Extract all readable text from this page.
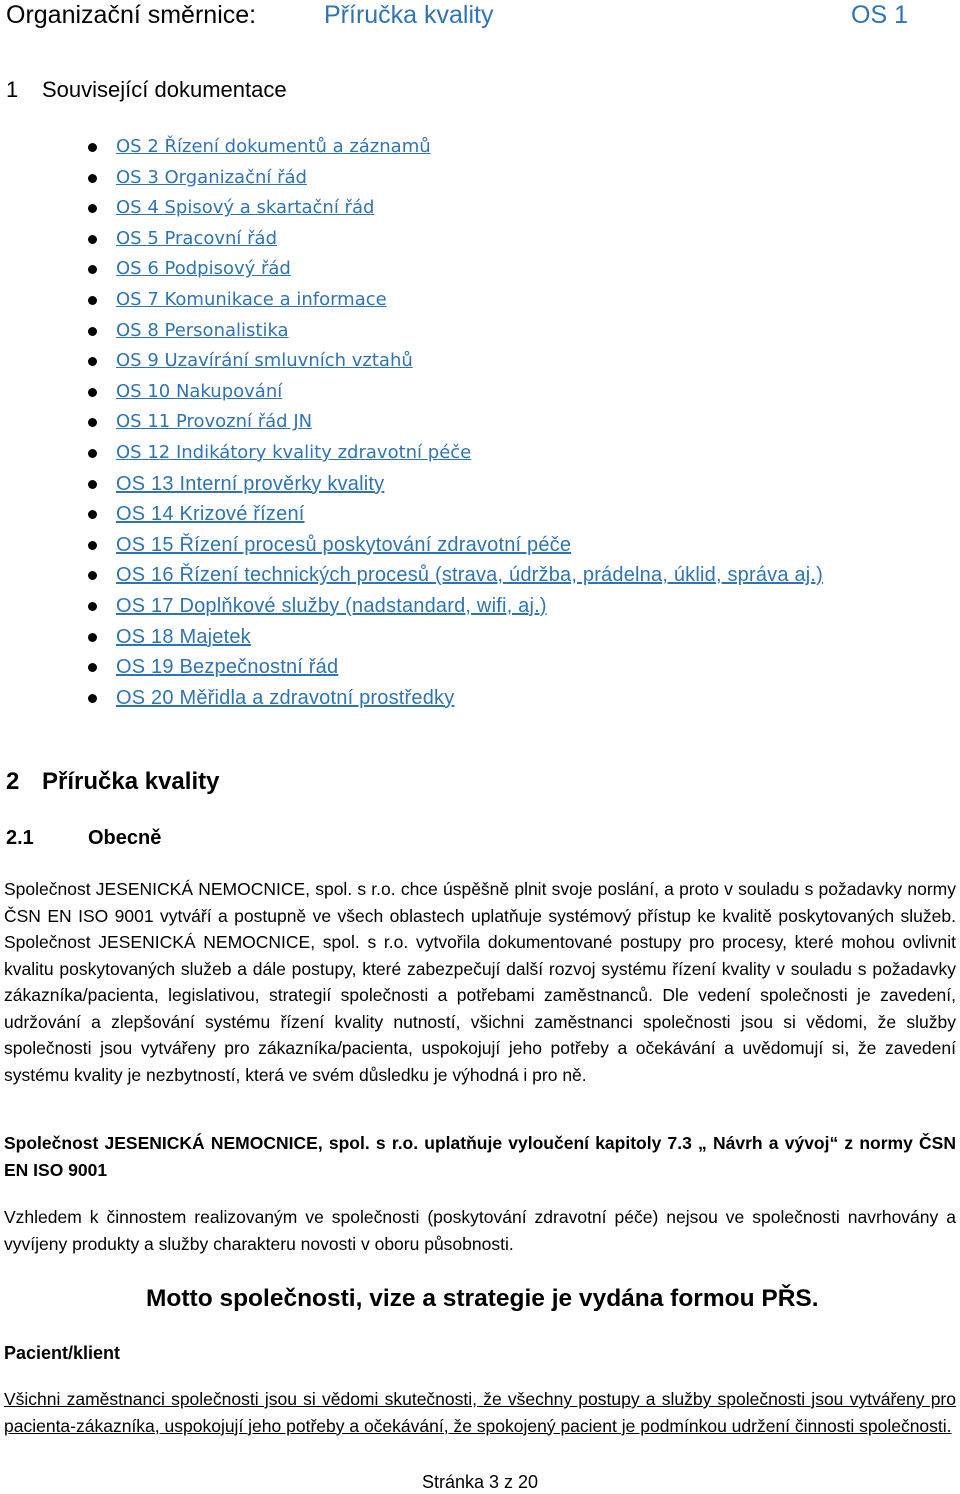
Organizační směrnice:	Příručka kvality	OS 1
1 Související dokumentace
OS 2 Řízení dokumentů a záznamů
OS 3 Organizační řád
OS 4 Spisový a skartační řád
OS 5 Pracovní řád
OS 6 Podpisový řád
OS 7 Komunikace a informace
OS 8 Personalistika
OS 9 Uzavírání smluvních vztahů
OS 10 Nakupování
OS 11 Provozní řád JN
OS 12 Indikátory kvality zdravotní péče
OS 13 Interní prověrky kvality
OS 14 Krizové řízení
OS 15 Řízení procesů poskytování zdravotní péče
OS 16 Řízení technických procesů (strava, údržba, prádelna, úklid, správa aj.)
OS 17 Doplňkové služby (nadstandard, wifi, aj.)
OS 18 Majetek
OS 19 Bezpečnostní řád
OS 20 Měřidla a zdravotní prostředky
2 Příručka kvality
2.1	Obecně
Společnost JESENICKÁ NEMOCNICE, spol. s r.o. chce úspěšně plnit svoje poslání, a proto v souladu s požadavky normy ČSN EN ISO 9001 vytváří a postupně ve všech oblastech uplatňuje systémový přístup ke kvalitě poskytovaných služeb. Společnost JESENICKÁ NEMOCNICE, spol. s r.o. vytvořila dokumentované postupy pro procesy, které mohou ovlivnit kvalitu poskytovaných služeb a dále postupy, které zabezpečují další rozvoj systému řízení kvality v souladu s požadavky zákazníka/pacienta, legislativou, strategií společnosti a potřebami zaměstnanců. Dle vedení společnosti je zavedení, udržování a zlepšování systému řízení kvality nutností, všichni zaměstnanci společnosti jsou si vědomi, že služby společnosti jsou vytvářeny pro zákazníka/pacienta, uspokojují jeho potřeby a očekávání a uvědomují si, že zavedení systému kvality je nezbytností, která ve svém důsledku je výhodná i pro ně.
Společnost JESENICKÁ NEMOCNICE, spol. s r.o. uplatňuje vyloučení kapitoly 7.3 „ Návrh a vývoj“ z normy ČSN EN ISO 9001
Vzhledem k činnostem realizovaným ve společnosti (poskytování zdravotní péče) nejsou ve společnosti navrhovány a vyvíjeny produkty a služby charakteru novosti v oboru působnosti.
Motto společnosti, vize a strategie je vydána formou PŘS.
Pacient/klient
Všichni zaměstnanci společnosti jsou si vědomi skutečnosti, že všechny postupy a služby společnosti jsou vytvářeny pro pacienta-zákazníka, uspokojují jeho potřeby a očekávání, že spokojený pacient je podmínkou udržení činnosti společnosti.
Stránka 3 z 20
